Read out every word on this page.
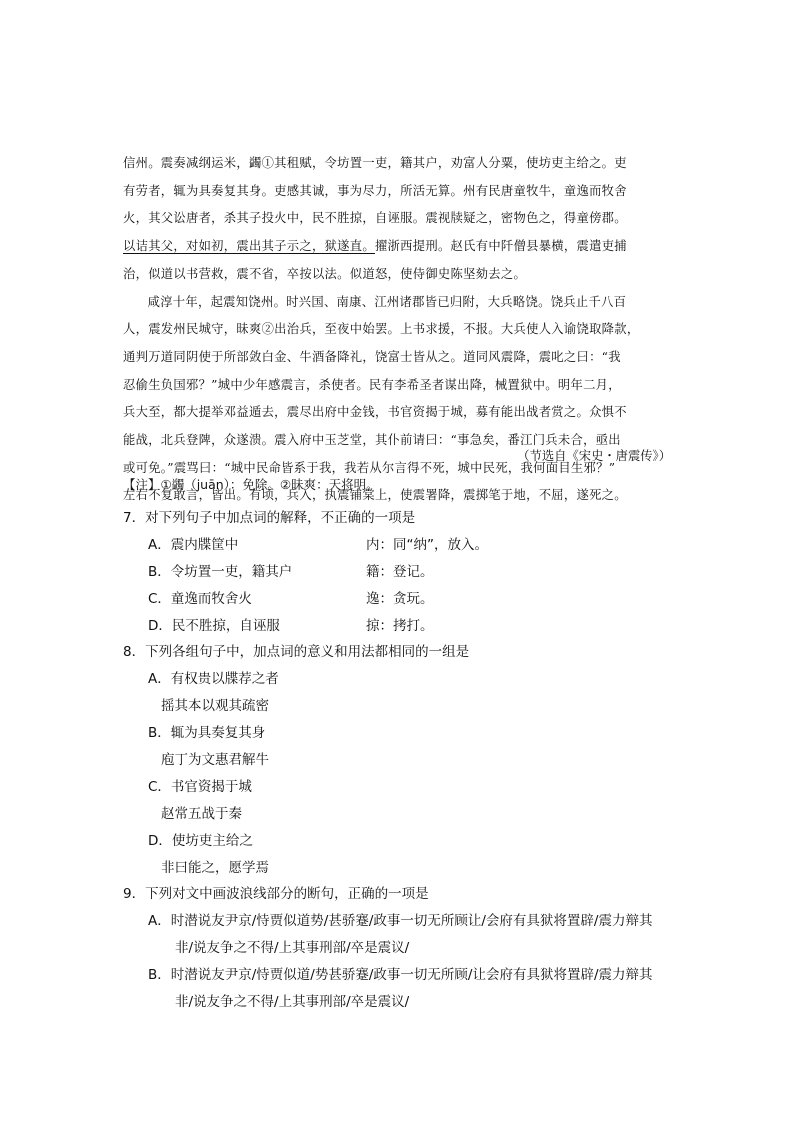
信州。震奏减纲运米，蠲①其租赋，令坊置一吏，籍其户，劝富人分粟，使坊吏主给之。吏

有劳者，辄为具奏复其身。吏感其诚，事为尽力，所活无算。州有民唐童牧牛，童逸而牧舍

火，其父讼唐者，杀其子投火中，民不胜掠，自诬服。震视牍疑之，密物色之，得童傍郡。

以诘其父，对如初，震出其子示之，狱遂直。擢浙西提刑。赵氏有中阡僧县暴横，震遣吏捕

治，似道以书营救，震不省，卒按以法。似道怒，使侍御史陈坚劾去之。

咸淳十年，起震知饶州。时兴国、南康、江州诸郡皆已归附，大兵略饶。饶兵止千八百

人，震发州民城守，昧爽②出治兵，至夜中始罢。上书求援，不报。大兵使人入谕饶取降款，

通判万道同阴使于所部敛白金、牛酒备降礼，饶富士皆从之。道同风震降，震叱之曰：“我

忍偷生负国邪？”城中少年感震言，杀使者。民有李希圣者谋出降，械置狱中。明年二月，

兵大至，都大提举邓益遁去，震尽出府中金钱，书官资揭于城，募有能出战者赏之。众惧不

能战，北兵登陴，众遂溃。震入府中玉芝堂，其仆前请曰：“事急矣，番江门兵未合，亟出

或可免。”震骂曰：“城中民命皆系于我，我若从尔言得不死，城中民死，我何面目生邪？”

左右不复敢言，皆出。有顷，兵入，执震铺棠上，使震署降，震掷笔于地，不屈，遂死之。

（节选自《宋史・唐震传》）
【注】①蠲（juān）：免除。②昧爽：天将明。
7．对下列句子中加点词的解释，不正确的一项是
A．震内牒筐中	内：同“纳”，放入。
B．令坊置一吏，籍其户	籍：登记。
C．童逸而牧舍火	逸：贪玩。
D．民不胜掠，自诬服	掠：拷打。
8．下列各组句子中，加点词的意义和用法都相同的一组是
A．有权贵以牒荐之者
摇其本以观其疏密
B．辄为具奏复其身
庖丁为文惠君解牛
C．书官资揭于城
赵常五战于秦
D．使坊吏主给之
非曰能之，愿学焉
9．下列对文中画波浪线部分的断句，正确的一项是
A．时潜说友尹京/恃贾似道势/甚骄蹇/政事一切无所顾让/会府有具狱将置辟/震力辩其
非/说友争之不得/上其事刑部/卒是震议/
B．时潜说友尹京/恃贾似道/势甚骄蹇/政事一切无所顾/让会府有具狱将置辟/震力辩其
非/说友争之不得/上其事刑部/卒是震议/
